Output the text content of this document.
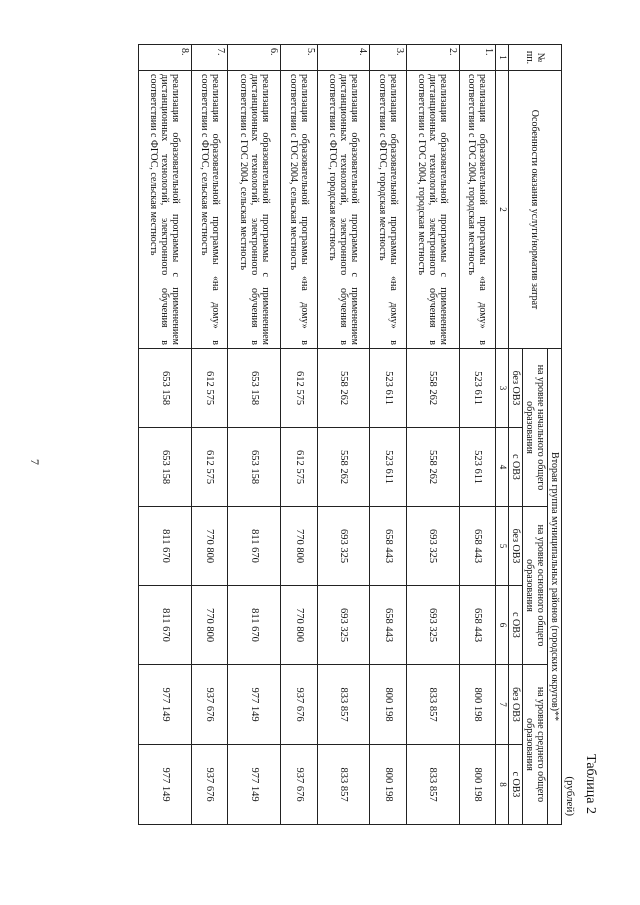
7
Таблица 2
(рублей)
№ пп.	Особенности оказания услуги/норматив затрат	Вторая группа муниципальных районов (городских округов)**					
		на уровне начального общего образования		на уровне основного общего образования		на уровне среднего общего образования	
		без ОВЗ	с ОВЗ	без ОВЗ	с ОВЗ	без ОВЗ	с ОВЗ
1	2	3	4	5	6	7	8
1.	реализация образовательной программы «на дому» в соответствии с ГОС 2004, городская местность	523 611	523 611	658 443	658 443	800 198	800 198
2.	реализация образовательной программы с применением дистанционных технологий, электронного обучения в соответствии с ГОС 2004, городская местность	558 262	558 262	693 325	693 325	833 857	833 857
3.	реализация образовательной программы «на дому» в соответствии с ФГОС, городская местность	523 611	523 611	658 443	658 443	800 198	800 198
4.	реализация образовательной программы с применением дистанционных технологий, электронного обучения в соответствии с ФГОС, городская местность	558 262	558 262	693 325	693 325	833 857	833 857
5.	реализация образовательной программы «на дому» в соответствии с ГОС 2004, сельская местность	612 575	612 575	770 800	770 800	937 676	937 676
6.	реализация образовательной программы с применением дистанционных технологий, электронного обучения в соответствии с ГОС 2004, сельская местность	653 158	653 158	811 670	811 670	977 149	977 149
7.	реализация образовательной программы «на дому» в соответствии с ФГОС, сельская местность	612 575	612 575	770 800	770 800	937 676	937 676
8.	реализация образовательной программы с применением дистанционных технологий, электронного обучения в соответствии с ФГОС, сельская местность	653 158	653 158	811 670	811 670	977 149	977 149
